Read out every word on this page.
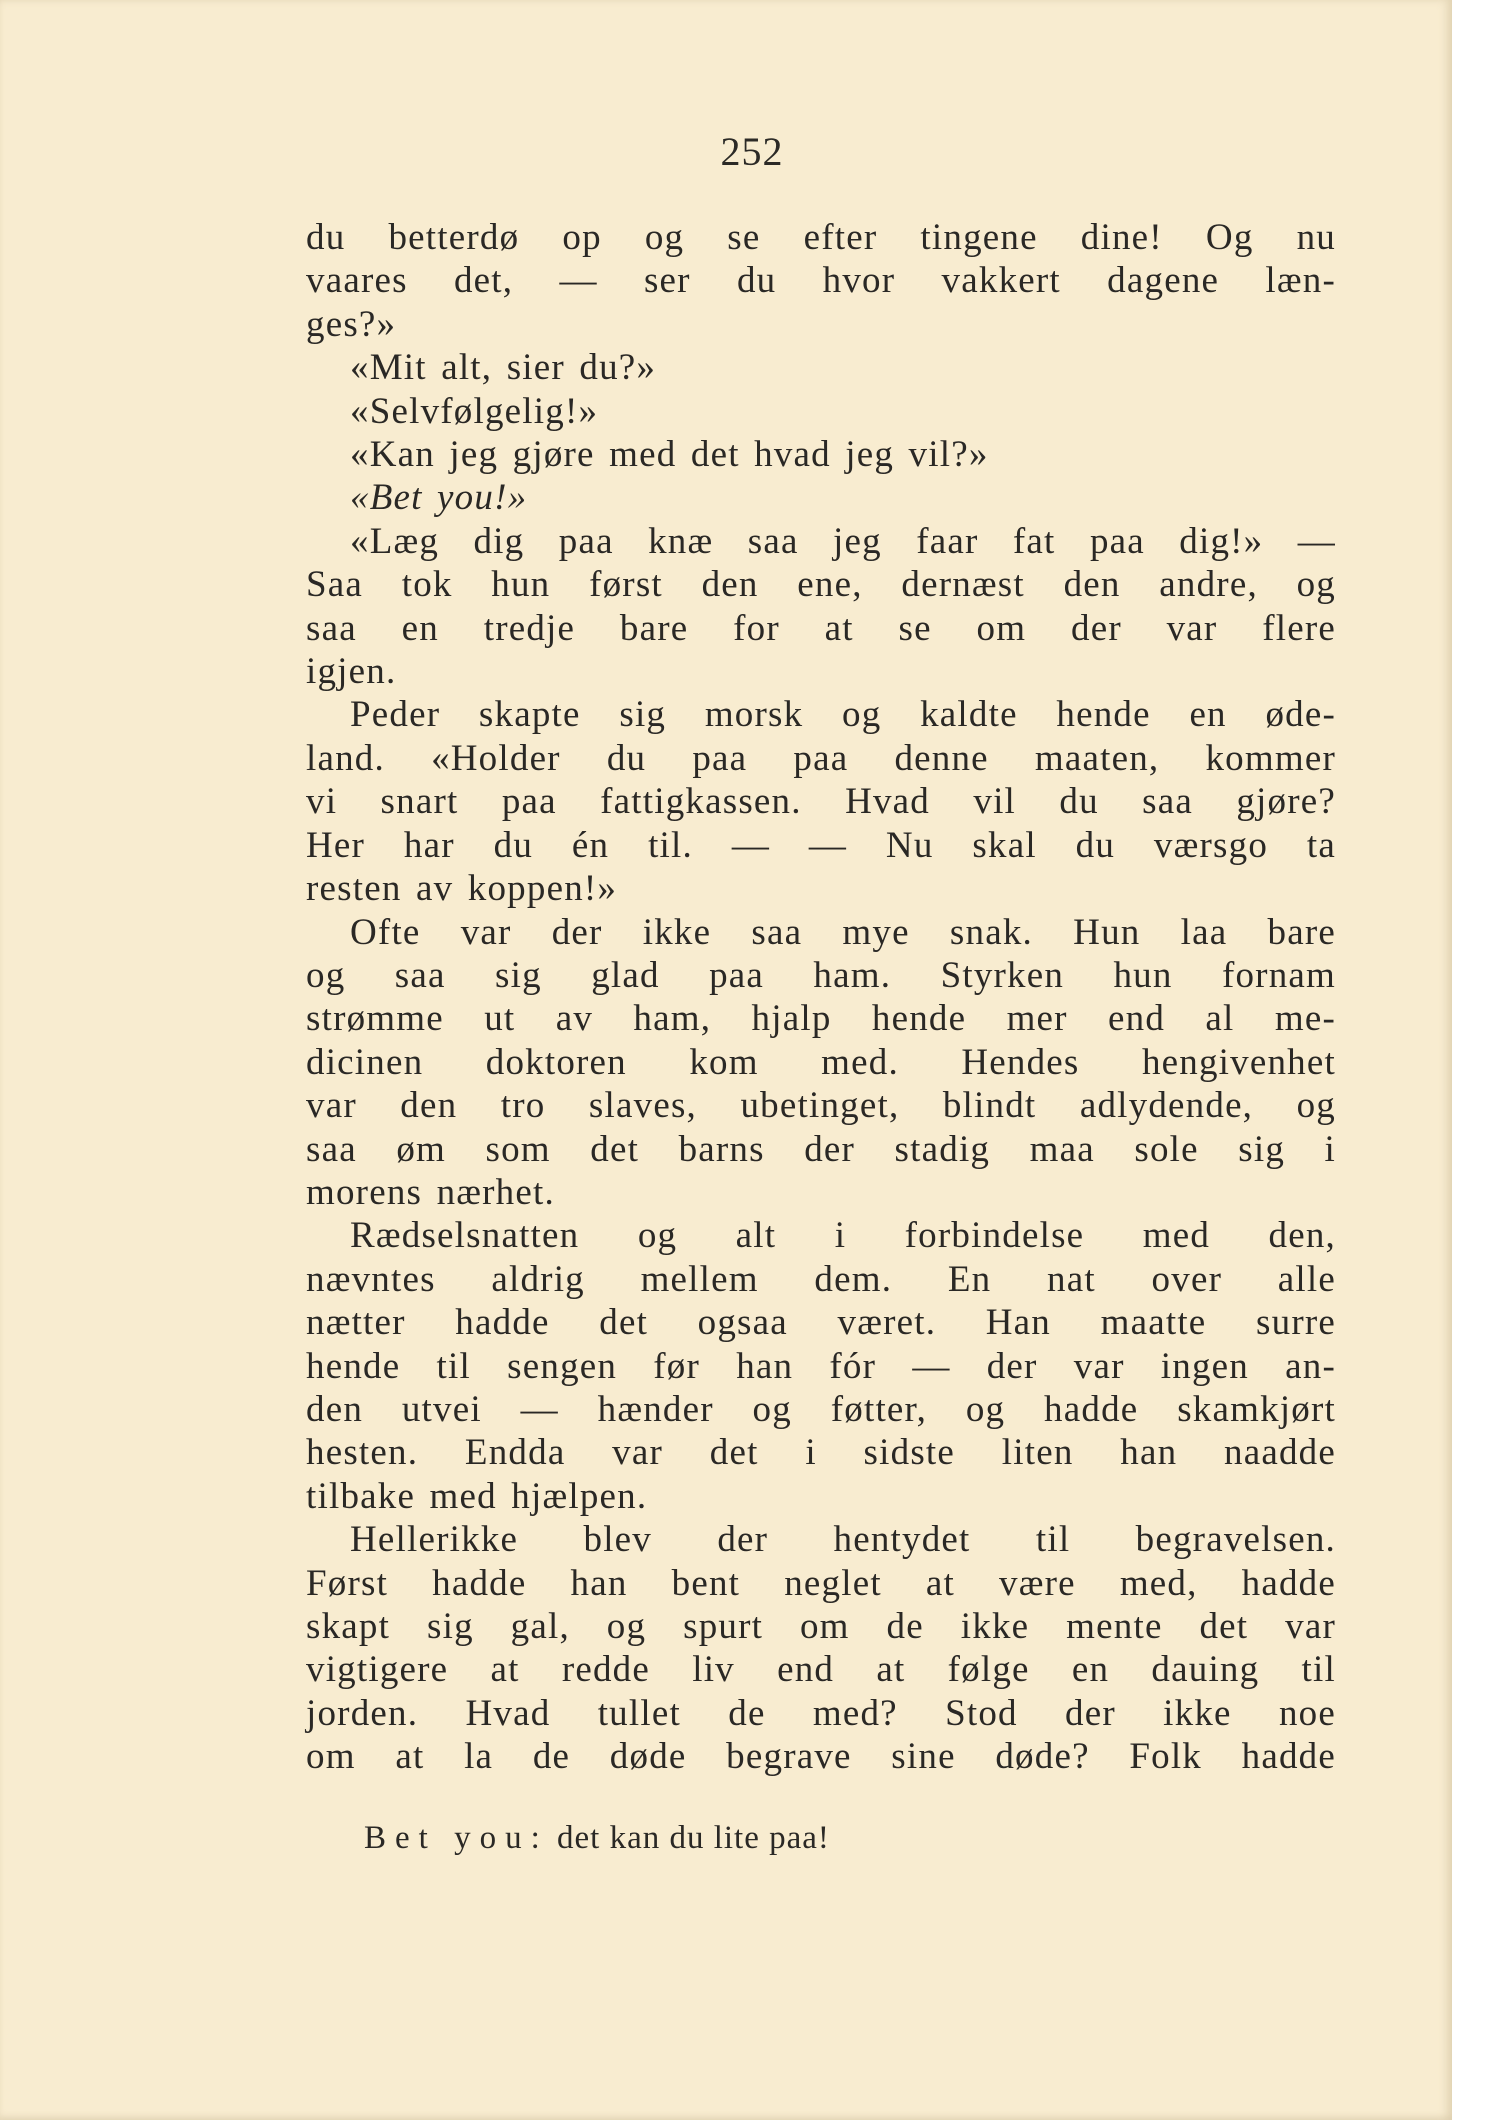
252
du betterdø op og se efter tingene dine! Og nu
vaares det, — ser du hvor vakkert dagene læn-
ges?»
«Mit alt, sier du?»
«Selvfølgelig!»
«Kan jeg gjøre med det hvad jeg vil?»
«Bet you!»
«Læg dig paa knæ saa jeg faar fat paa dig!» —
Saa tok hun først den ene, dernæst den andre, og
saa en tredje bare for at se om der var flere
igjen.
Peder skapte sig morsk og kaldte hende en øde-
land. «Holder du paa paa denne maaten, kommer
vi snart paa fattigkassen. Hvad vil du saa gjøre?
Her har du én til. — — Nu skal du værsgo ta
resten av koppen!»
Ofte var der ikke saa mye snak. Hun laa bare
og saa sig glad paa ham. Styrken hun fornam
strømme ut av ham, hjalp hende mer end al me-
dicinen doktoren kom med. Hendes hengivenhet
var den tro slaves, ubetinget, blindt adlydende, og
saa øm som det barns der stadig maa sole sig i
morens nærhet.
Rædselsnatten og alt i forbindelse med den,
nævntes aldrig mellem dem. En nat over alle
nætter hadde det ogsaa været. Han maatte surre
hende til sengen før han fór — der var ingen an-
den utvei — hænder og føtter, og hadde skamkjørt
hesten. Endda var det i sidste liten han naadde
tilbake med hjælpen.
Hellerikke blev der hentydet til begravelsen.
Først hadde han bent neglet at være med, hadde
skapt sig gal, og spurt om de ikke mente det var
vigtigere at redde liv end at følge en dauing til
jorden. Hvad tullet de med? Stod der ikke noe
om at la de døde begrave sine døde? Folk hadde
Bet you: det kan du lite paa!
